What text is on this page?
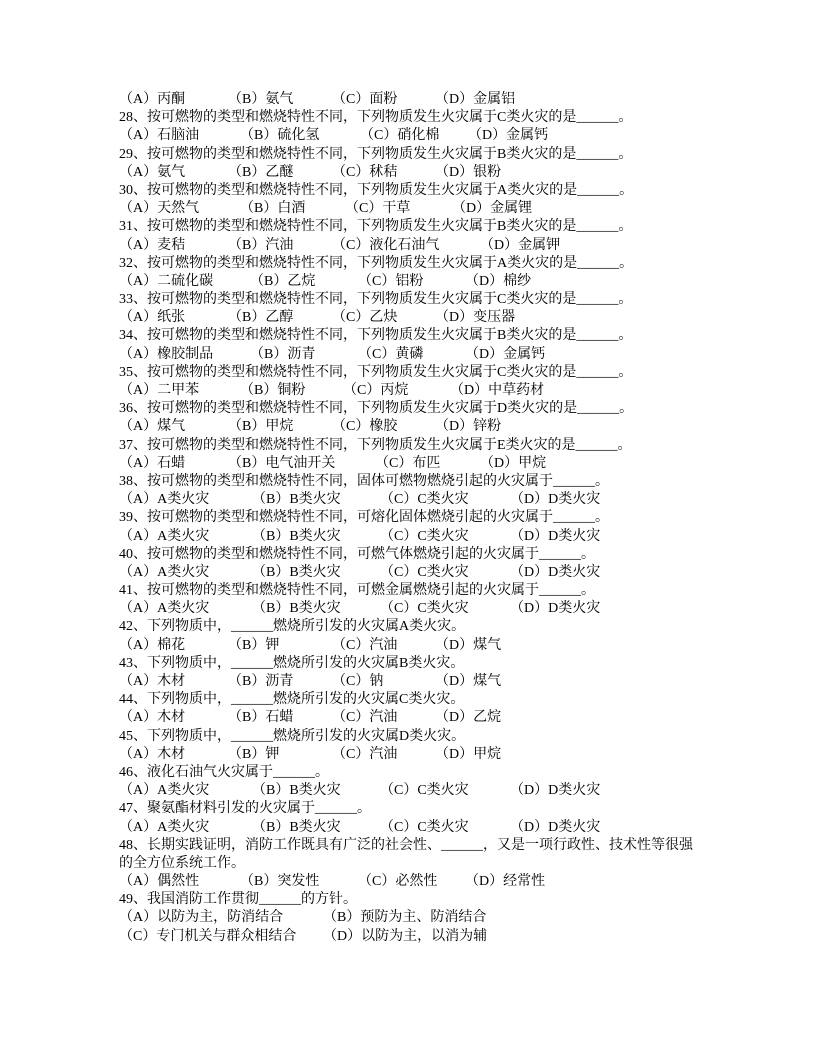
（A）丙酮

	（B）氨气

	（C）面粉

	（D）金属铝

28、按可燃物的类型和燃烧特性不同，下列物质发生火灾属于C类火灾的是______。

（A）石脑油

	（B）硫化氢

	（C）硝化棉

（D）金属钙

29、按可燃物的类型和燃烧特性不同，下列物质发生火灾属于B类火灾的是______。

（A）氨气

	（B）乙醚

	（C）秫秸

	（D）银粉

30、按可燃物的类型和燃烧特性不同，下列物质发生火灾属于A类火灾的是______。

（A）天然气

	（B）白酒

	（C）干草

	（D）金属锂

31、按可燃物的类型和燃烧特性不同，下列物质发生火灾属于B类火灾的是______。

（A）麦秸

	（B）汽油

	（C）液化石油气

	（D）金属钾

32、按可燃物的类型和燃烧特性不同，下列物质发生火灾属于A类火灾的是______。

（A）二硫化碳

	（B）乙烷

	（C）铝粉

	（D）棉纱

33、按可燃物的类型和燃烧特性不同，下列物质发生火灾属于C类火灾的是______。

（A）纸张

	（B）乙醇

	（C）乙炔

	（D）变压器

34、按可燃物的类型和燃烧特性不同，下列物质发生火灾属于B类火灾的是______。

（A）橡胶制品

	（B）沥青

	（C）黄磷

	（D）金属钙

35、按可燃物的类型和燃烧特性不同，下列物质发生火灾属于C类火灾的是______。

（A）二甲苯

	（B）铜粉

	（C）丙烷

	（D）中草药材

36、按可燃物的类型和燃烧特性不同，下列物质发生火灾属于D类火灾的是______。

（A）煤气

	（B）甲烷

	（C）橡胶

	（D）锌粉

37、按可燃物的类型和燃烧特性不同，下列物质发生火灾属于E类火灾的是______。

（A）石蜡

	（B）电气油开关

	（C）布匹

	（D）甲烷

38、按可燃物的类型和燃烧特性不同，固体可燃物燃烧引起的火灾属于______。

（A）A类火灾

	（B）B类火灾

	（C）C类火灾

	（D）D类火灾

39、按可燃物的类型和燃烧特性不同，可熔化固体燃烧引起的火灾属于______。

（A）A类火灾

	（B）B类火灾

	（C）C类火灾

	（D）D类火灾

40、按可燃物的类型和燃烧特性不同，可燃气体燃烧引起的火灾属于______。

（A）A类火灾

	（B）B类火灾

	（C）C类火灾

	（D）D类火灾

41、按可燃物的类型和燃烧特性不同，可燃金属燃烧引起的火灾属于______。

（A）A类火灾

	（B）B类火灾

	（C）C类火灾

	（D）D类火灾

42、下列物质中，______燃烧所引发的火灾属A类火灾。

（A）棉花

	（B）钾

	（C）汽油

	（D）煤气

43、下列物质中，______燃烧所引发的火灾属B类火灾。

（A）木材

	（B）沥青

	（C）钠

	（D）煤气

44、下列物质中，______燃烧所引发的火灾属C类火灾。

（A）木材

	（B）石蜡

	（C）汽油

	（D）乙烷

45、下列物质中，______燃烧所引发的火灾属D类火灾。

（A）木材

	（B）钾

	（C）汽油

	（D）甲烷

46、液化石油气火灾属于______。

（A）A类火灾

	（B）B类火灾

	（C）C类火灾

	（D）D类火灾

47、聚氨酯材料引发的火灾属于______。

（A）A类火灾

	（B）B类火灾

	（C）C类火灾

	（D）D类火灾

48、长期实践证明，消防工作既具有广泛的社会性、______，又是一项行政性、技术性等很强
的全方位系统工作。

（A）偶然性

	（B）突发性

	（C）必然性

（D）经常性

49、我国消防工作贯彻______的方针。

（A）以防为主，防消结合

	（B）预防为主、防消结合

（C）专门机关与群众相结合

（D）以防为主，以消为辅
